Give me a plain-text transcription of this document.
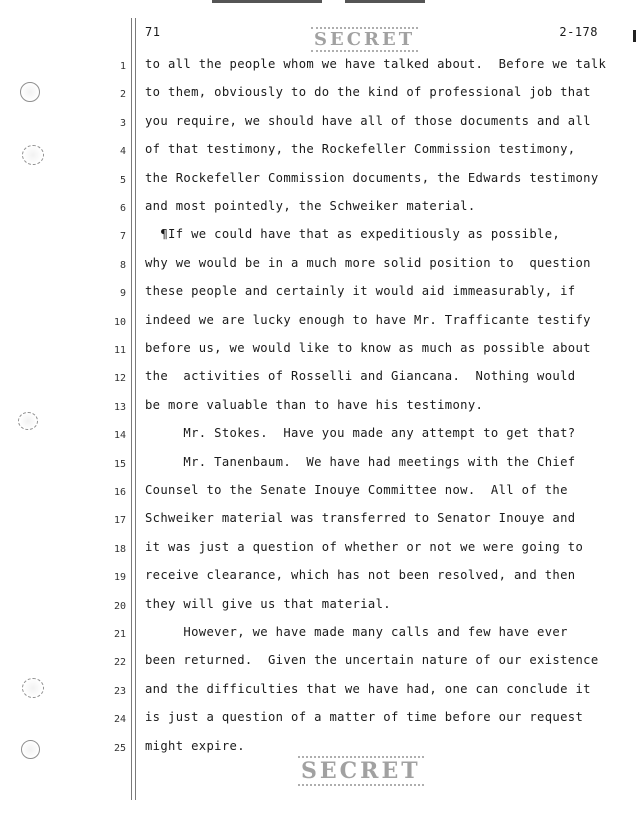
71	2-178
SECRET
SECRET
1
2
3
4
5
6
7
8
9
10
11
12
13
14
15
16
17
18
19
20
21
22
23
24
25
to all the people whom we have talked about.  Before we talk
to them, obviously to do the kind of professional job that
you require, we should have all of those documents and all
of that testimony, the Rockefeller Commission testimony,
the Rockefeller Commission documents, the Edwards testimony
and most pointedly, the Schweiker material.
¶If we could have that as expeditiously as possible,
why we would be in a much more solid position to  question
these people and certainly it would aid immeasurably, if
indeed we are lucky enough to have Mr. Trafficante testify
before us, we would like to know as much as possible about
the  activities of Rosselli and Giancana.  Nothing would
be more valuable than to have his testimony.
Mr. Stokes.  Have you made any attempt to get that?
Mr. Tanenbaum.  We have had meetings with the Chief
Counsel to the Senate Inouye Committee now.  All of the
Schweiker material was transferred to Senator Inouye and
it was just a question of whether or not we were going to
receive clearance, which has not been resolved, and then
they will give us that material.
However, we have made many calls and few have ever
been returned.  Given the uncertain nature of our existence
and the difficulties that we have had, one can conclude it
is just a question of a matter of time before our request
might expire.
